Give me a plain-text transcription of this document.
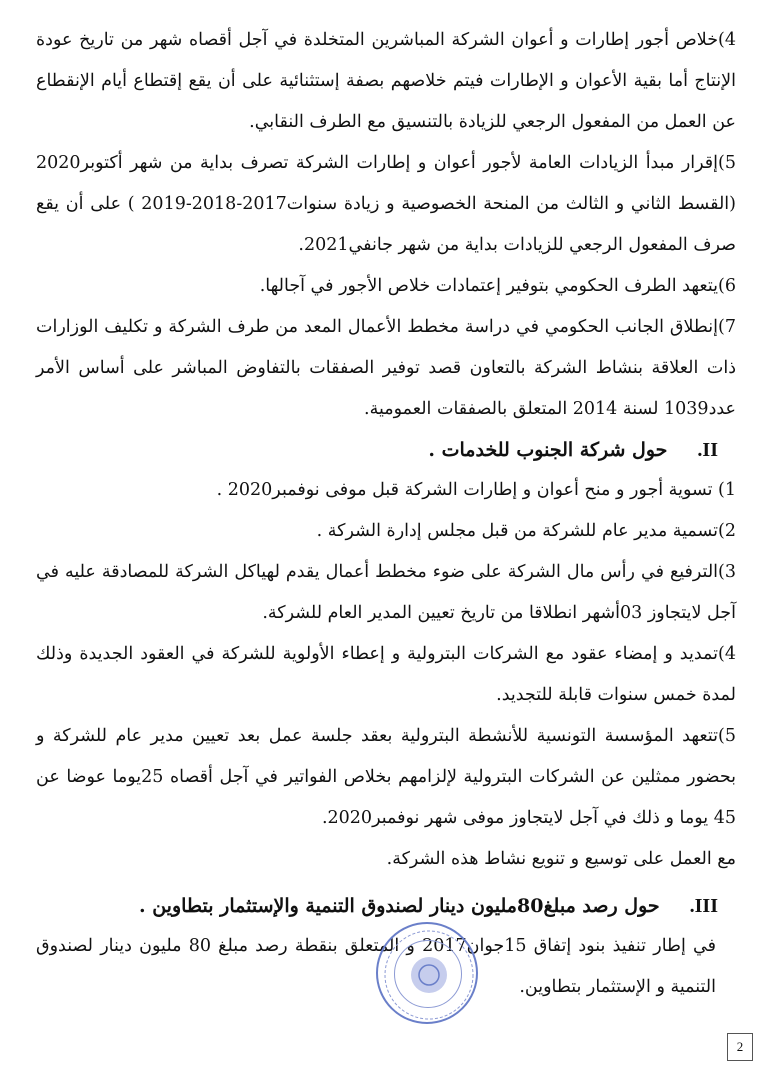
4)خلاص أجور إطارات و أعوان الشركة المباشرين المتخلدة في آجل أقصاه شهر من تاريخ عودة الإنتاج أما بقية الأعوان و الإطارات فيتم خلاصهم بصفة إستثنائية على أن يقع إقتطاع أيام الإنقطاع عن العمل من المفعول الرجعي للزيادة بالتنسيق مع الطرف النقابي.

5)إقرار مبدأ الزيادات العامة لأجور أعوان و إطارات الشركة تصرف بداية من شهر أكتوبر2020 (القسط الثاني و الثالث من المنحة الخصوصية و زيادة سنوات2017-2018-2019 ) على أن يقع صرف المفعول الرجعي للزيادات بداية من شهر جانفي2021.

6)يتعهد الطرف الحكومي بتوفير إعتمادات خلاص الأجور في آجالها.

7)إنطلاق الجانب الحكومي في دراسة مخطط الأعمال المعد من طرف الشركة و تكليف الوزارات ذات العلاقة بنشاط الشركة بالتعاون قصد توفير الصفقات بالتفاوض المباشر على أساس الأمر عدد1039 لسنة 2014 المتعلق بالصفقات العمومية.

II.حول شركة الجنوب للخدمات .

1) تسوية أجور و منح أعوان و إطارات الشركة قبل موفى نوفمبر2020 .

2)تسمية مدير عام للشركة من قبل مجلس إدارة الشركة .

3)الترفيع في رأس مال الشركة على ضوء مخطط أعمال يقدم لهياكل الشركة للمصادقة عليه في آجل لايتجاوز 03أشهر انطلاقا من تاريخ تعيين المدير العام للشركة.

4)تمديد و إمضاء عقود مع الشركات البترولية و إعطاء الأولوية للشركة في العقود الجديدة وذلك لمدة خمس سنوات قابلة للتجديد.

5)تتعهد المؤسسة التونسية للأنشطة البترولية بعقد جلسة عمل بعد تعيين مدير عام للشركة و بحضور ممثلين عن الشركات البترولية لإلزامهم بخلاص الفواتير في آجل أقصاه 25يوما عوضا عن 45 يوما و ذلك في آجل لايتجاوز موفى شهر نوفمبر2020.

مع العمل على توسيع و تنويع نشاط هذه الشركة.

III.حول رصد مبلغ80مليون دينار لصندوق التنمية والإستثمار بتطاوين .

في إطار تنفيذ بنود إتفاق 15جوان2017 و المتعلق بنقطة رصد مبلغ 80 مليون دينار لصندوق التنمية و الإستثمار بتطاوين.

2
